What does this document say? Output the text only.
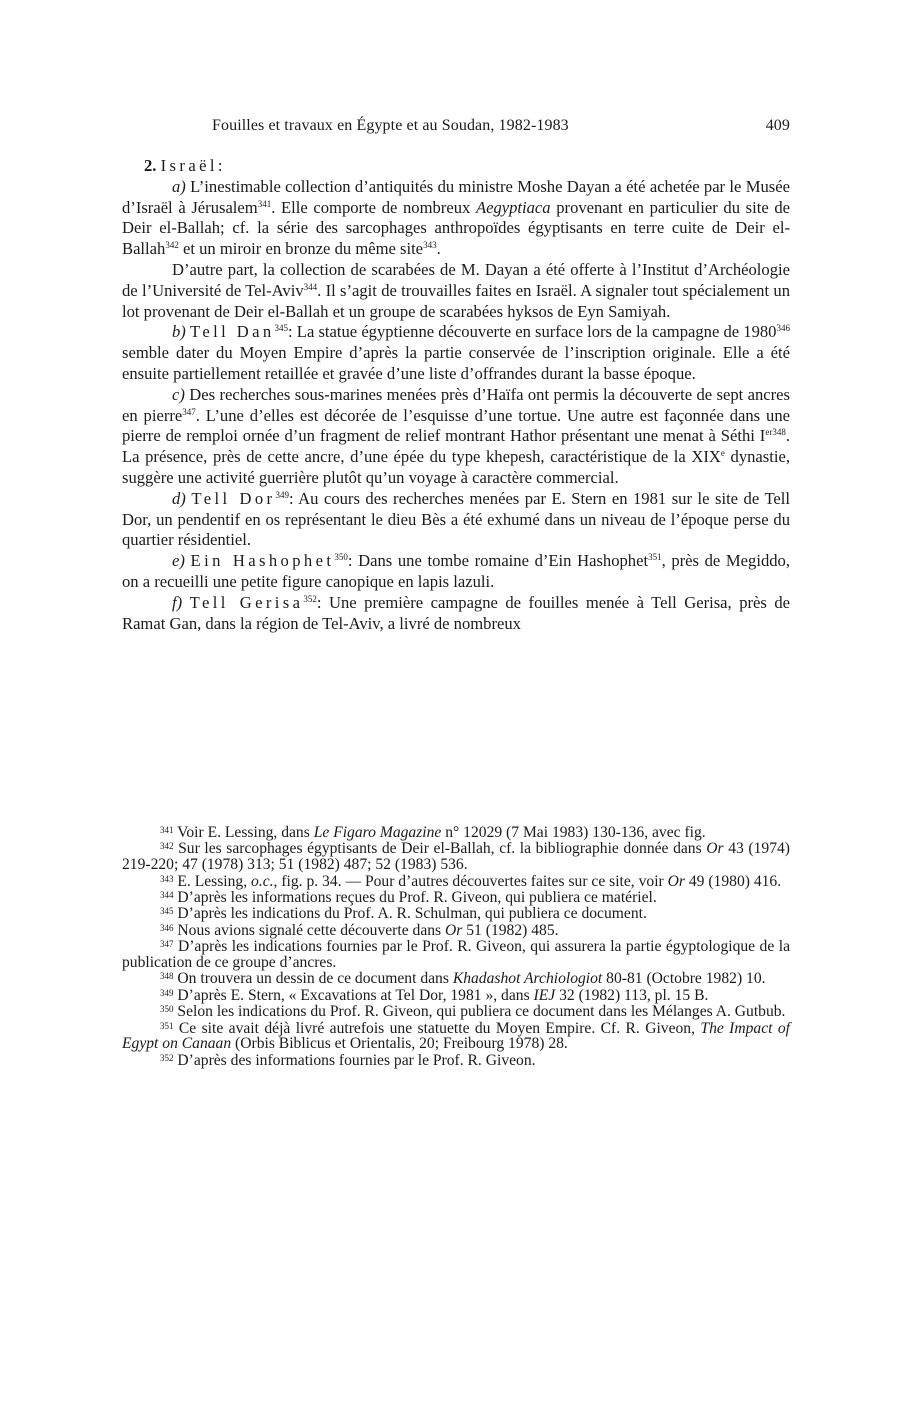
Fouilles et travaux en Égypte et au Soudan, 1982-1983	409

2. Israël:

a) L’inestimable collection d’antiquités du ministre Moshe Dayan a été achetée par le Musée d’Israël à Jérusalem$^{341}$. Elle comporte de nombreux Aegyptiaca provenant en particulier du site de Deir el-Ballah; cf. la série des sarcophages anthropoïdes égyptisants en terre cuite de Deir el-Ballah$^{342}$ et un miroir en bronze du même site$^{343}$.

D’autre part, la collection de scarabées de M. Dayan a été offerte à l’Institut d’Archéologie de l’Université de Tel-Aviv$^{344}$. Il s’agit de trouvailles faites en Israël. A signaler tout spécialement un lot provenant de Deir el-Ballah et un groupe de scarabées hyksos de Eyn Samiyah.

b) Tell Dan$^{345}$: La statue égyptienne découverte en surface lors de la campagne de 1980$^{346}$ semble dater du Moyen Empire d’après la partie conservée de l’inscription originale. Elle a été ensuite partiellement retaillée et gravée d’une liste d’offrandes durant la basse époque.

c) Des recherches sous-marines menées près d’Haïfa ont permis la découverte de sept ancres en pierre$^{347}$. L’une d’elles est décorée de l’esquisse d’une tortue. Une autre est façonnée dans une pierre de remploi ornée d’un fragment de relief montrant Hathor présentant une menat à Séthi $I^{er348}$. La présence, près de cette ancre, d’une épée du type khepesh, caractéristique de la XIXe dynastie, suggère une activité guerrière plutôt qu’un voyage à caractère commercial.

d) Tell Dor$^{349}$: Au cours des recherches menées par E. Stern en 1981 sur le site de Tell Dor, un pendentif en os représentant le dieu Bès a été exhumé dans un niveau de l’époque perse du quartier résidentiel.

e) Ein Hashophet$^{350}$: Dans une tombe romaine d’Ein Hashophet$^{351}$, près de Megiddo, on a recueilli une petite figure canopique en lapis lazuli.

f) Tell Gerisa$^{352}$: Une première campagne de fouilles menée à Tell Gerisa, près de Ramat Gan, dans la région de Tel-Aviv, a livré de nombreux

$^{341}$ Voir E. Lessing, dans Le Figaro Magazine n° 12029 (7 Mai 1983) 130-136, avec fig.

$^{342}$ Sur les sarcophages égyptisants de Deir el-Ballah, cf. la bibliographie donnée dans Or 43 (1974) 219-220; 47 (1978) 313; 51 (1982) 487; 52 (1983) 536.

$^{343}$ E. Lessing, o.c., fig. p. 34. — Pour d’autres découvertes faites sur ce site, voir Or 49 (1980) 416.

$^{344}$ D’après les informations reçues du Prof. R. Giveon, qui publiera ce matériel.

$^{345}$ D’après les indications du Prof. A. R. Schulman, qui publiera ce document.

$^{346}$ Nous avions signalé cette découverte dans Or 51 (1982) 485.

$^{347}$ D’après les indications fournies par le Prof. R. Giveon, qui assurera la partie égyptologique de la publication de ce groupe d’ancres.

$^{348}$ On trouvera un dessin de ce document dans Khadashot Archiologiot 80-81 (Octobre 1982) 10.

$^{349}$ D’après E. Stern, « Excavations at Tel Dor, 1981 », dans IEJ 32 (1982) 113, pl. 15 B.

$^{350}$ Selon les indications du Prof. R. Giveon, qui publiera ce document dans les Mélanges A. Gutbub.

$^{351}$ Ce site avait déjà livré autrefois une statuette du Moyen Empire. Cf. R. Giveon, The Impact of Egypt on Canaan (Orbis Biblicus et Orientalis, 20; Freibourg 1978) 28.

$^{352}$ D’après des informations fournies par le Prof. R. Giveon.
